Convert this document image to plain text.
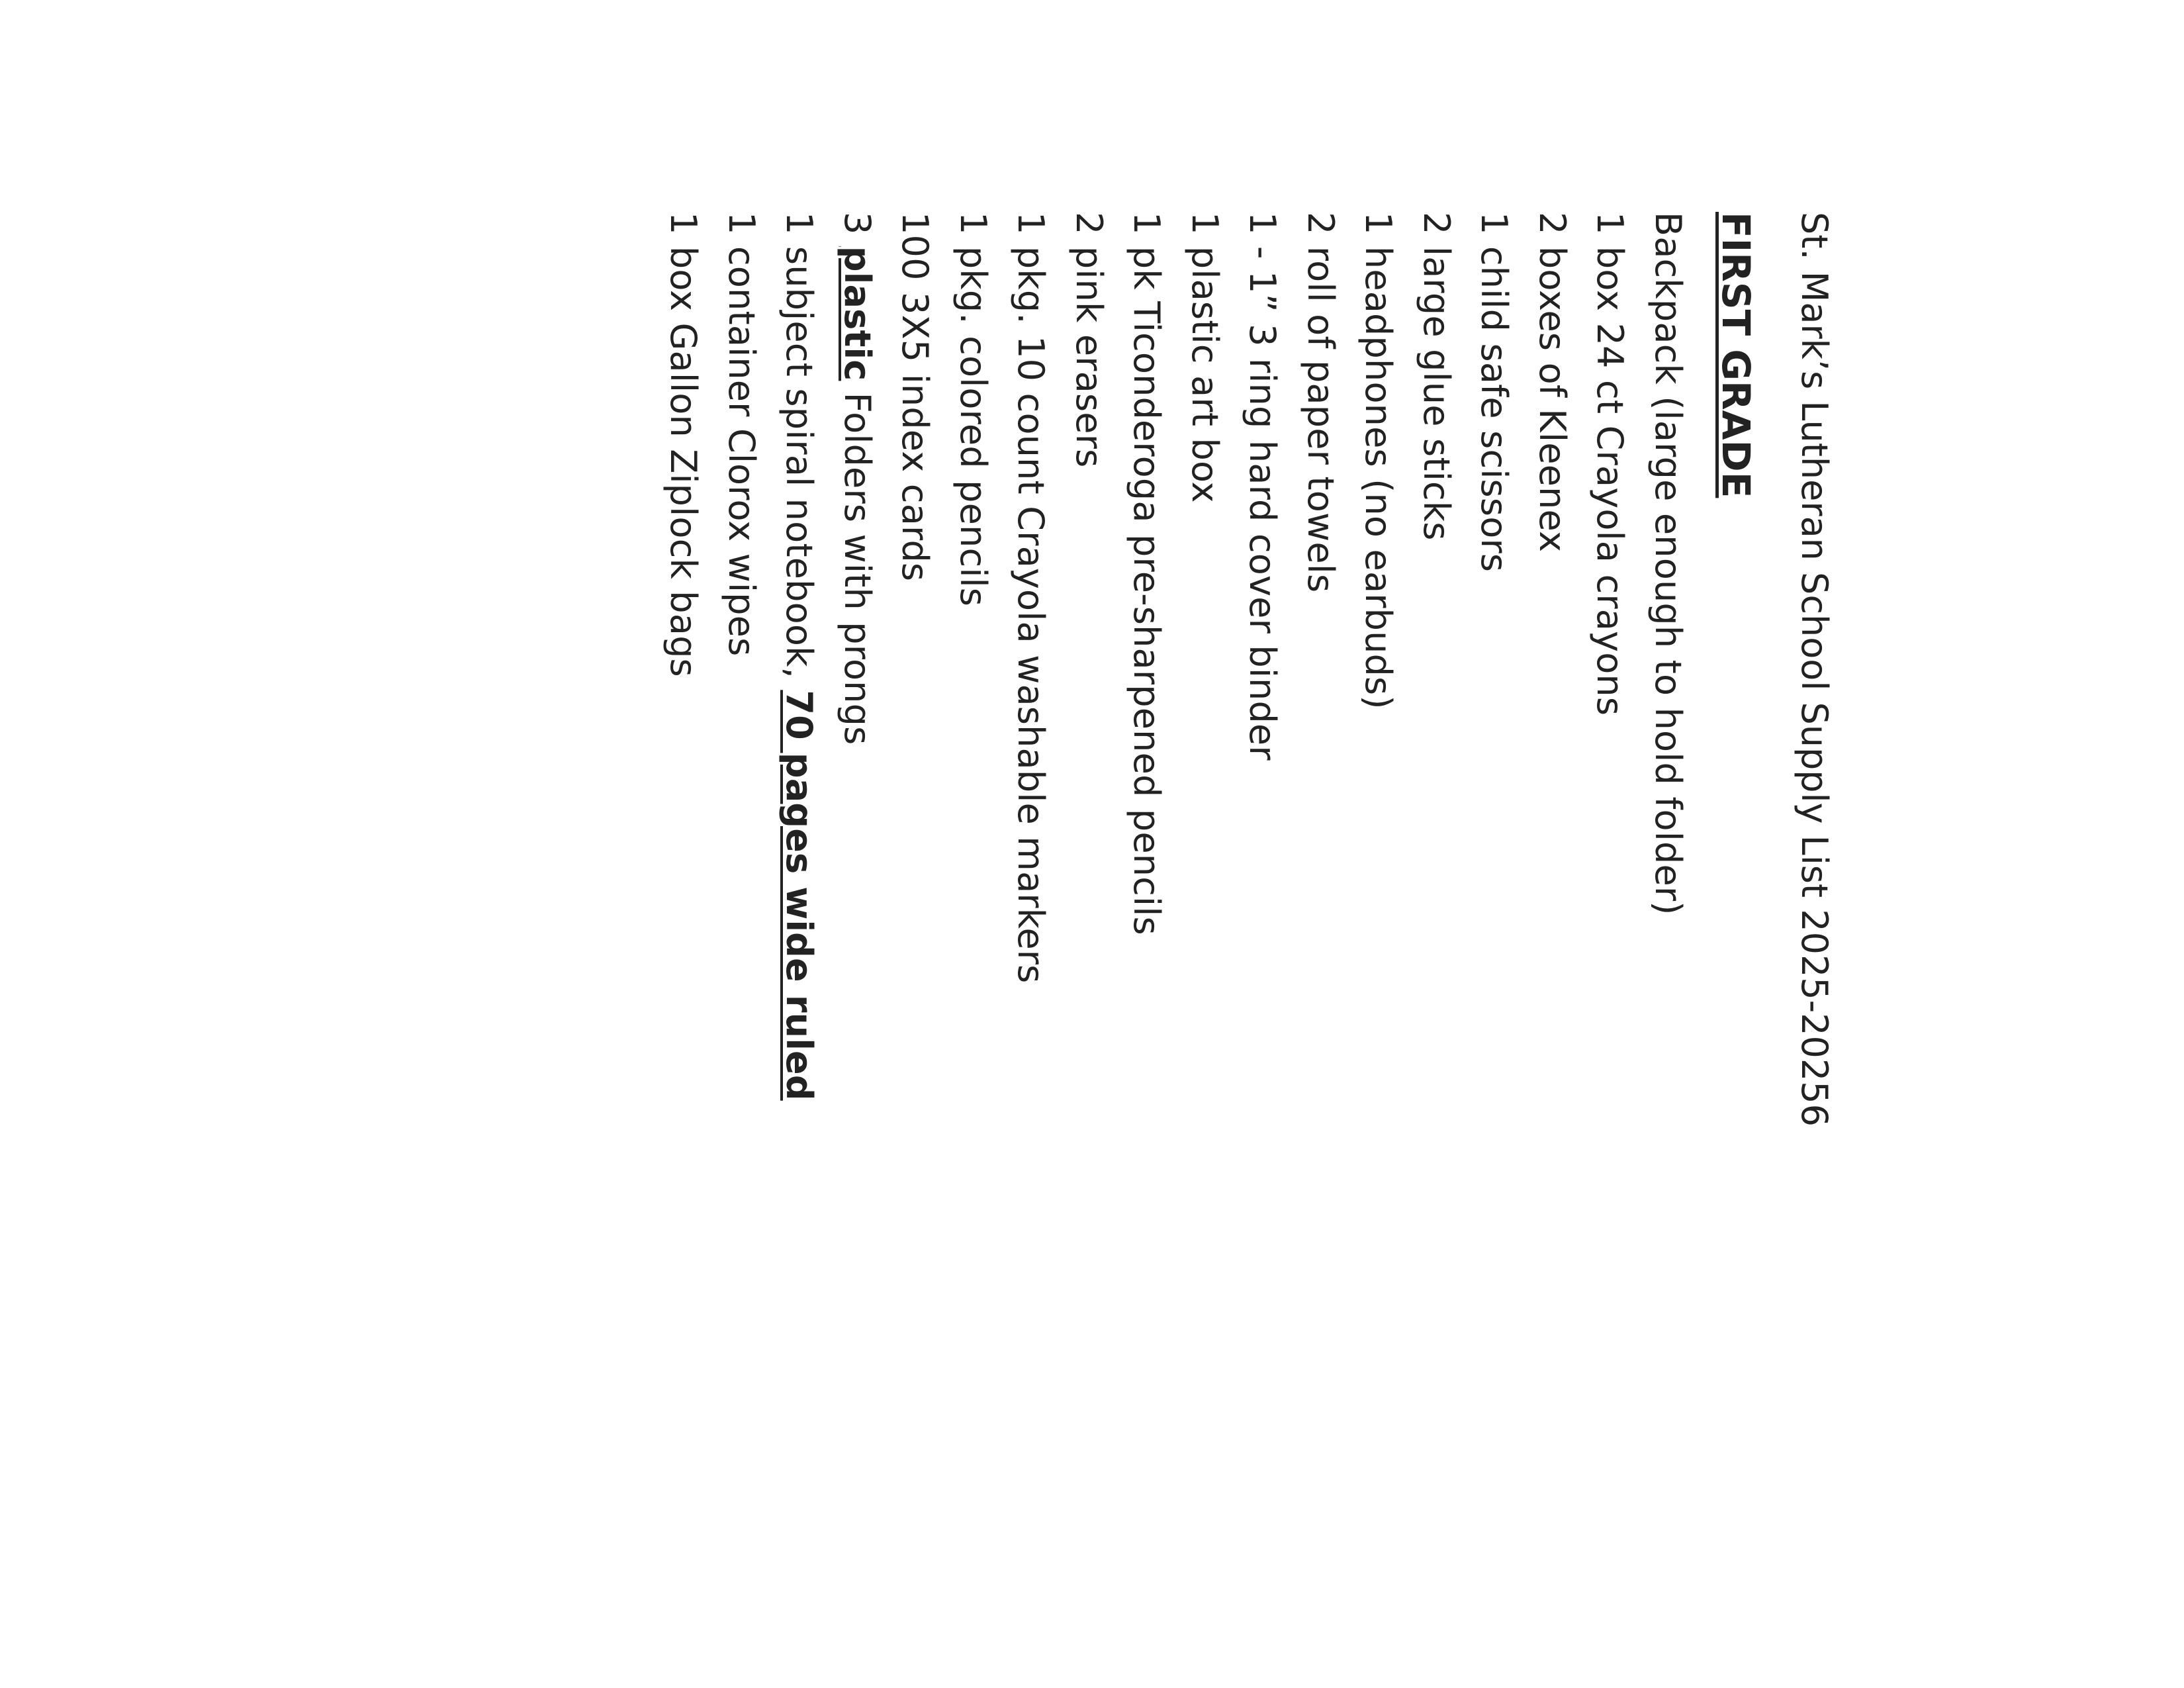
St. Mark’s Lutheran School Supply List 2025-20256
FIRST GRADE
Backpack (large enough to hold folder)
1 box 24 ct Crayola crayons
2 boxes of Kleenex
1 child safe scissors
2 large glue sticks
1 headphones (no earbuds)
2 roll of paper towels
1 - 1” 3 ring hard cover binder
1 plastic art box
1 pk Ticonderoga pre-sharpened pencils
2 pink erasers
1 pkg. 10 count Crayola washable markers
1 pkg. colored pencils
100 3X5 index cards
3 plastic Folders with prongs
1 subject spiral notebook, 70 pages wide ruled
1 container Clorox wipes
1 box Gallon Ziplock bags
